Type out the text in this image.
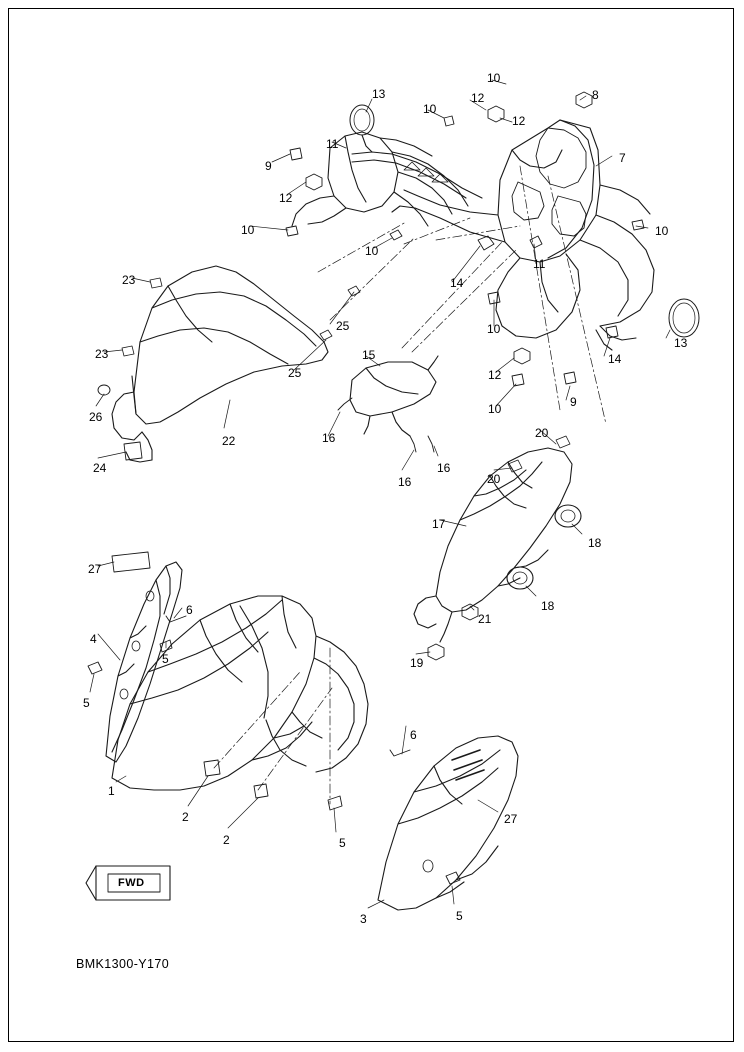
FWD
BMK1300-Y170
13
10
8
12
10
12
11
7
9
12
10	10
10
11
14
23
13
10
25
23	14
15
25	12
9
26
10
22	16	20
24
16
16
20
17
18
18
27
6
4
5
21
19
5
6
1
2
2	5
27
3	5
